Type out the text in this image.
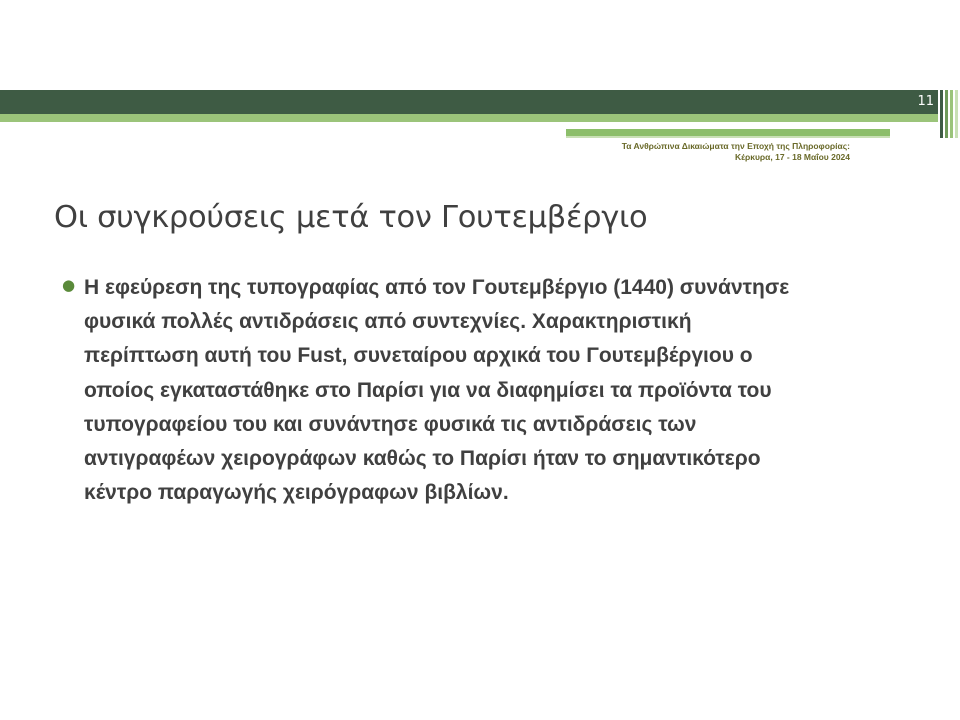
11
Τα Ανθρώπινα Δικαιώματα την Εποχή της Πληροφορίας:
Κέρκυρα, 17 - 18 Μαΐου 2024
Οι συγκρούσεις μετά τον Γουτεμβέργιο
● Η εφεύρεση της τυπογραφίας από τον Γουτεμβέργιο (1440) συνάντησε
φυσικά πολλές αντιδράσεις από συντεχνίες. Χαρακτηριστική
περίπτωση αυτή του Fust, συνεταίρου αρχικά του Γουτεμβέργιου ο
οποίος εγκαταστάθηκε στο Παρίσι για να διαφημίσει τα προϊόντα του
τυπογραφείου του και συνάντησε φυσικά τις αντιδράσεις των
αντιγραφέων χειρογράφων καθώς το Παρίσι ήταν το σημαντικότερο
κέντρο παραγωγής χειρόγραφων βιβλίων.
